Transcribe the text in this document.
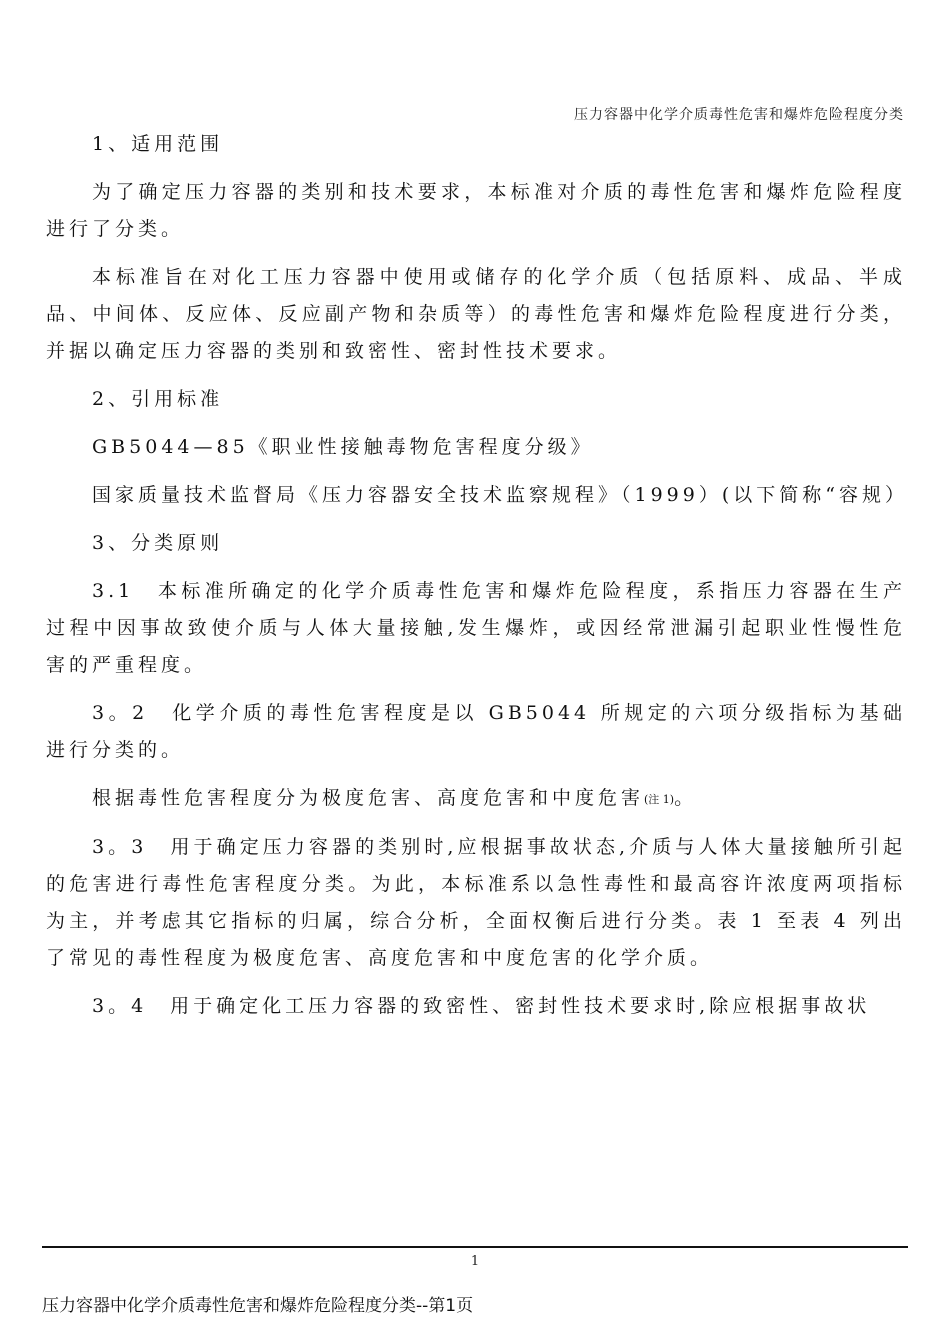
压力容器中化学介质毒性危害和爆炸危险程度分类

1、适用范围

为了确定压力容器的类别和技术要求，本标准对介质的毒性危害和爆炸危险程度进行了分类。

本标准旨在对化工压力容器中使用或储存的化学介质（包括原料、成品、半成品、中间体、反应体、反应副产物和杂质等）的毒性危害和爆炸危险程度进行分类，并据以确定压力容器的类别和致密性、密封性技术要求。

2、引用标准

GB5044—85《职业性接触毒物危害程度分级》

国家质量技术监督局《压力容器安全技术监察规程》（1999）(以下简称“容规）

3、分类原则

3.1　本标准所确定的化学介质毒性危害和爆炸危险程度，系指压力容器在生产过程中因事故致使介质与人体大量接触,发生爆炸，或因经常泄漏引起职业性慢性危害的严重程度。

3。2　化学介质的毒性危害程度是以 GB5044 所规定的六项分级指标为基础进行分类的。

根据毒性危害程度分为极度危害、高度危害和中度危害(注 1)。

3。3　用于确定压力容器的类别时,应根据事故状态,介质与人体大量接触所引起的危害进行毒性危害程度分类。为此，本标准系以急性毒性和最高容许浓度两项指标为主，并考虑其它指标的归属，综合分析，全面权衡后进行分类。表 1 至表 4 列出了常见的毒性程度为极度危害、高度危害和中度危害的化学介质。

3。4　用于确定化工压力容器的致密性、密封性技术要求时,除应根据事故状

1
压力容器中化学介质毒性危害和爆炸危险程度分类--第1页
